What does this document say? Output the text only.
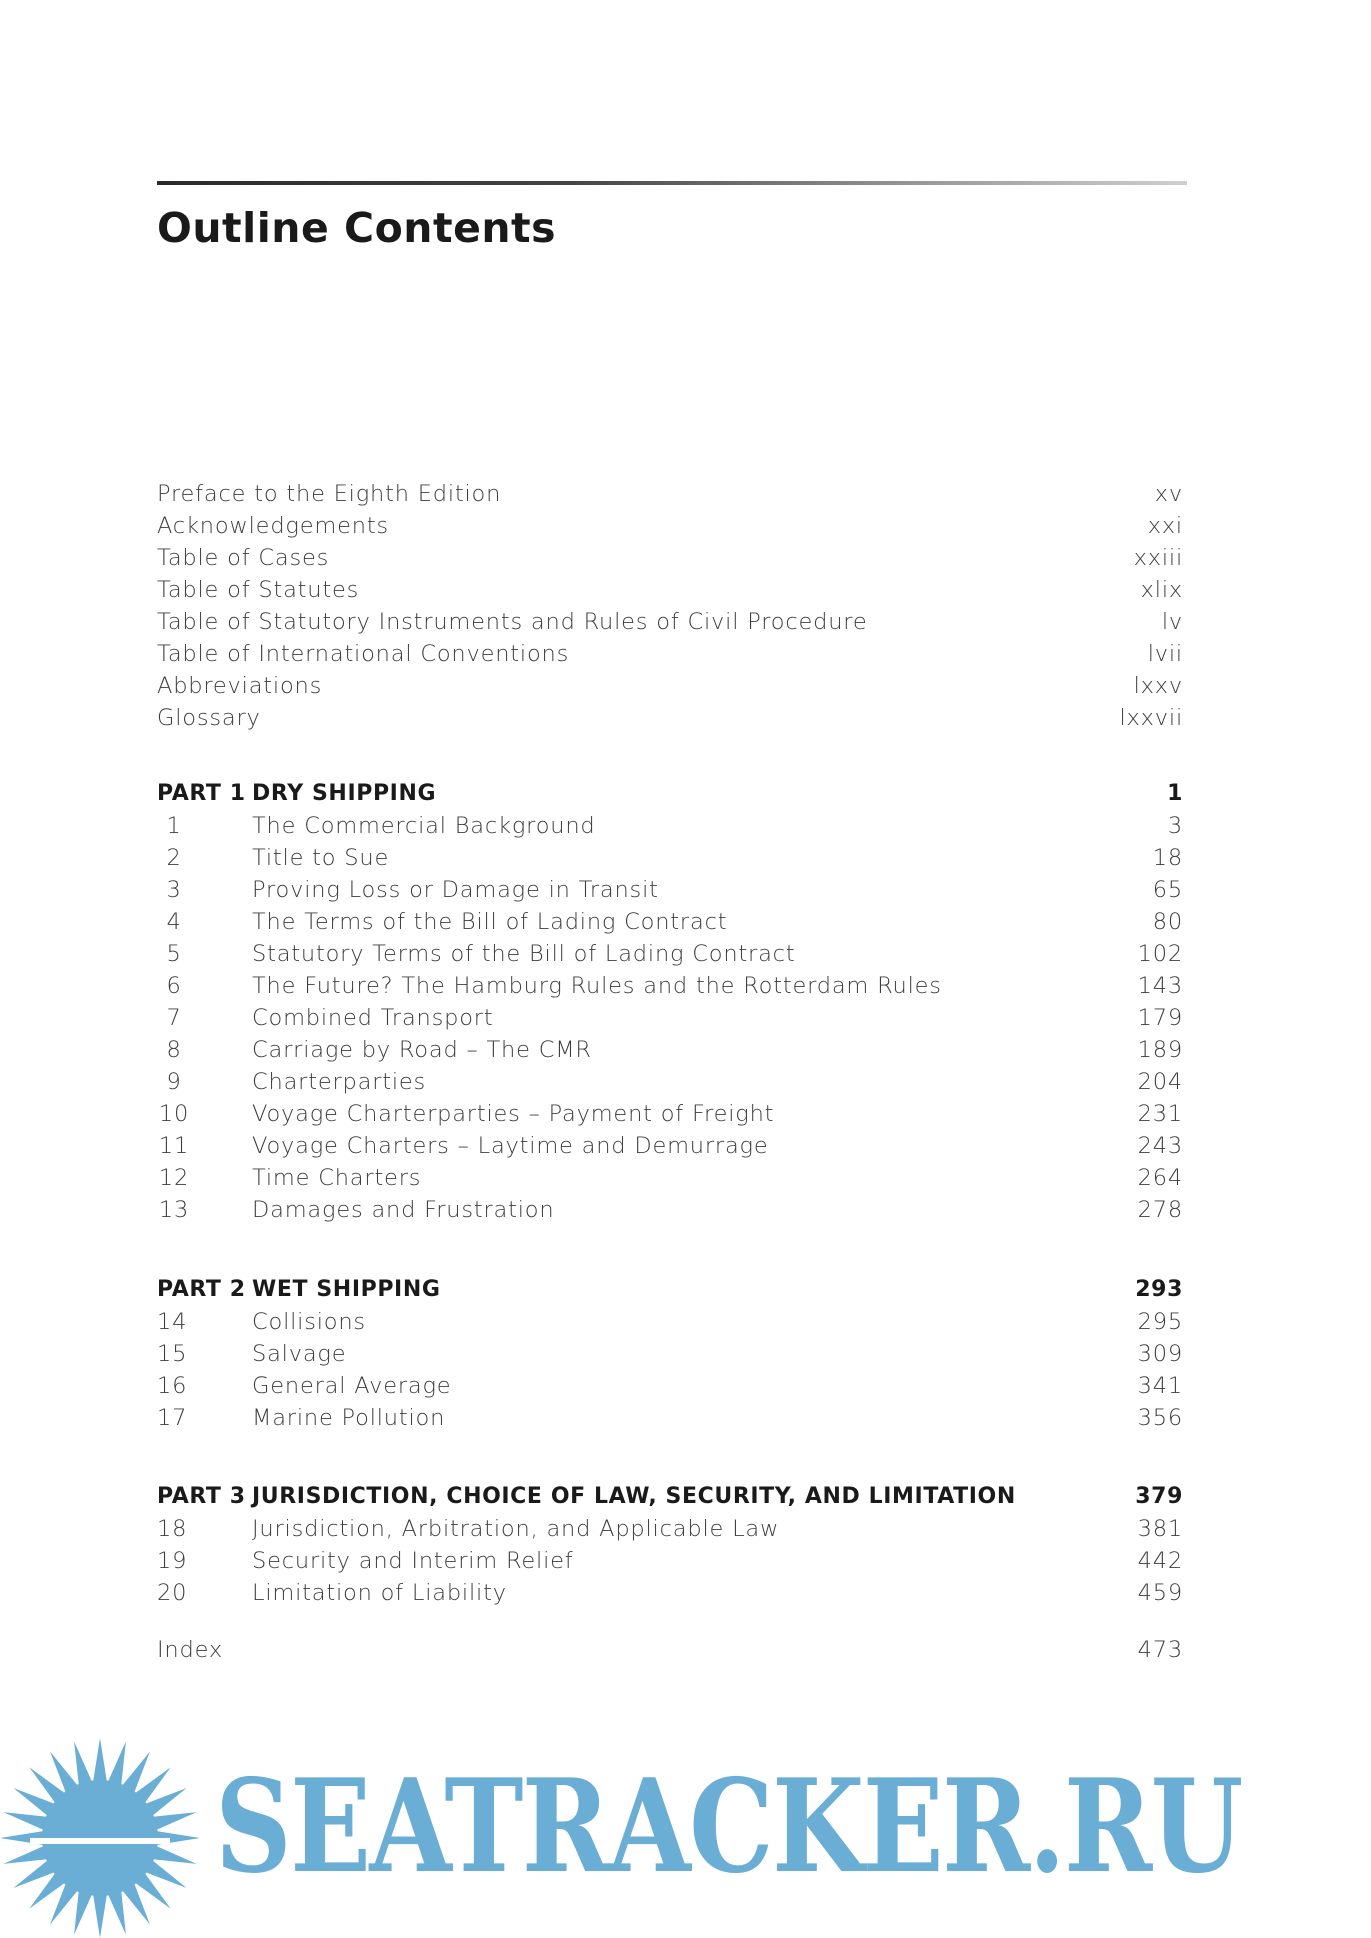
Outline Contents
Preface to the Eighth Edition	xv
Acknowledgements	xxi
Table of Cases	xxiii
Table of Statutes	xlix
Table of Statutory Instruments and Rules of Civil Procedure	lv
Table of International Conventions	lvii
Abbreviations	lxxv
Glossary	lxxvii
PART 1 DRY SHIPPING	1
1	The Commercial Background	3
2	Title to Sue	18
3	Proving Loss or Damage in Transit	65
4	The Terms of the Bill of Lading Contract	80
5	Statutory Terms of the Bill of Lading Contract	102
6	The Future? The Hamburg Rules and the Rotterdam Rules	143
7	Combined Transport	179
8	Carriage by Road – The CMR	189
9	Charterparties	204
10	Voyage Charterparties – Payment of Freight	231
11	Voyage Charters – Laytime and Demurrage	243
12	Time Charters	264
13	Damages and Frustration	278
PART 2 WET SHIPPING	293
14	Collisions	295
15	Salvage	309
16	General Average	341
17	Marine Pollution	356
PART 3 JURISDICTION, CHOICE OF LAW, SECURITY, AND LIMITATION	379
18	Jurisdiction, Arbitration, and Applicable Law	381
19	Security and Interim Relief	442
20	Limitation of Liability	459
Index	473
SEATRACKER.RU
